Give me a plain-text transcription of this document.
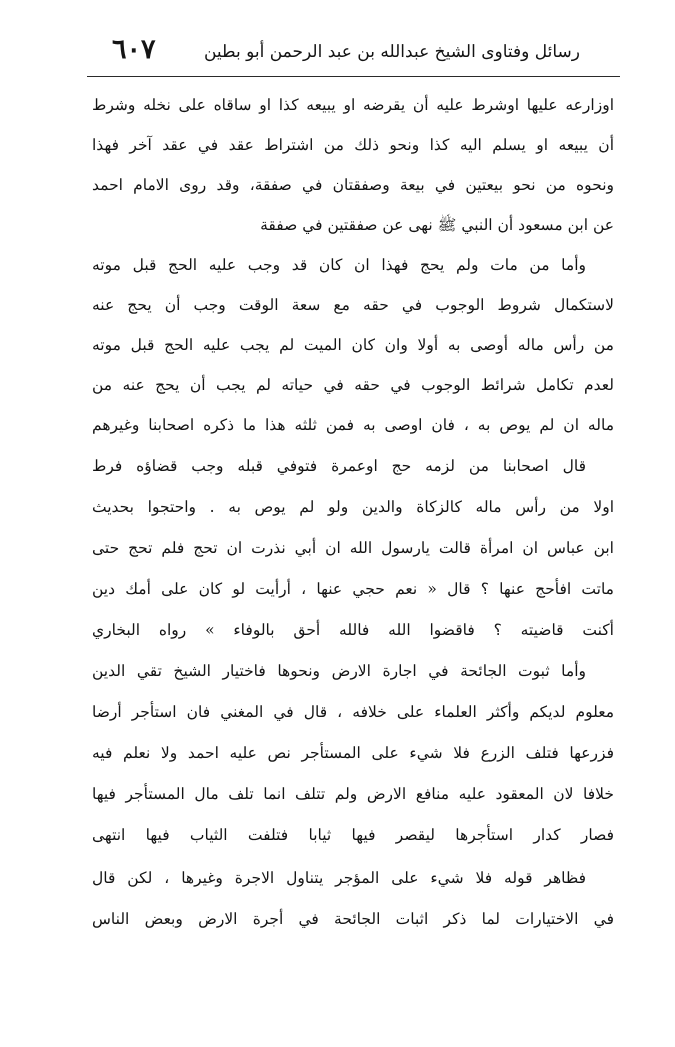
رسائل وفتاوى الشيخ عبدالله بن عبد الرحمن أبو بطين
٦٠٧
اوزارعه عليها اوشرط عليه أن يقرضه او يبيعه كذا او ساقاه على نخله وشرط
أن يبيعه او يسلم اليه كذا ونحو ذلك من اشتراط عقد في عقد آخر فهذا
ونحوه من نحو بيعتين في بيعة وصفقتان في صفقة، وقد روى الامام احمد
عن ابن مسعود أن النبي ﷺ نهى عن صفقتين في صفقة
وأما من مات ولم يحج فهذا ان كان قد وجب عليه الحج قبل موته
لاستكمال شروط الوجوب في حقه مع سعة الوقت وجب أن يحج عنه
من رأس ماله أوصى به أولا وان كان الميت لم يجب عليه الحج قبل موته
لعدم تكامل شرائط الوجوب في حقه في حياته لم يجب أن يحج عنه من
ماله ان لم يوص به ، فان اوصى به فمن ثلثه هذا ما ذكره اصحابنا وغيرهم
قال اصحابنا من لزمه حج اوعمرة فتوفي قبله وجب قضاؤه فرط
اولا من رأس ماله كالزكاة والدين ولو لم يوص به . واحتجوا بحديث
ابن عباس ان امرأة قالت يارسول الله ان أبي نذرت ان تحج فلم تحج حتى
ماتت افأحج عنها ؟ قال « نعم حجي عنها ، أرأيت لو كان على أمك دين
أكنت قاضيته ؟ فاقضوا الله فالله أحق بالوفاء » رواه البخاري
وأما ثبوت الجائحة في اجارة الارض ونحوها فاختيار الشيخ تقي الدين
معلوم لديكم وأكثر العلماء على خلافه ، قال في المغني فان استأجر أرضا
فزرعها فتلف الزرع فلا شيء على المستأجر نص عليه احمد ولا نعلم فيه
خلافا لان المعقود عليه منافع الارض ولم تتلف انما تلف مال المستأجر فيها
فصار كدار استأجرها ليقصر فيها ثيابا فتلفت الثياب فيها انتهى
فظاهر قوله فلا شيء على المؤجر يتناول الاجرة وغيرها ، لكن قال
في الاختيارات لما ذكر اثبات الجائحة في أجرة الارض وبعض الناس
